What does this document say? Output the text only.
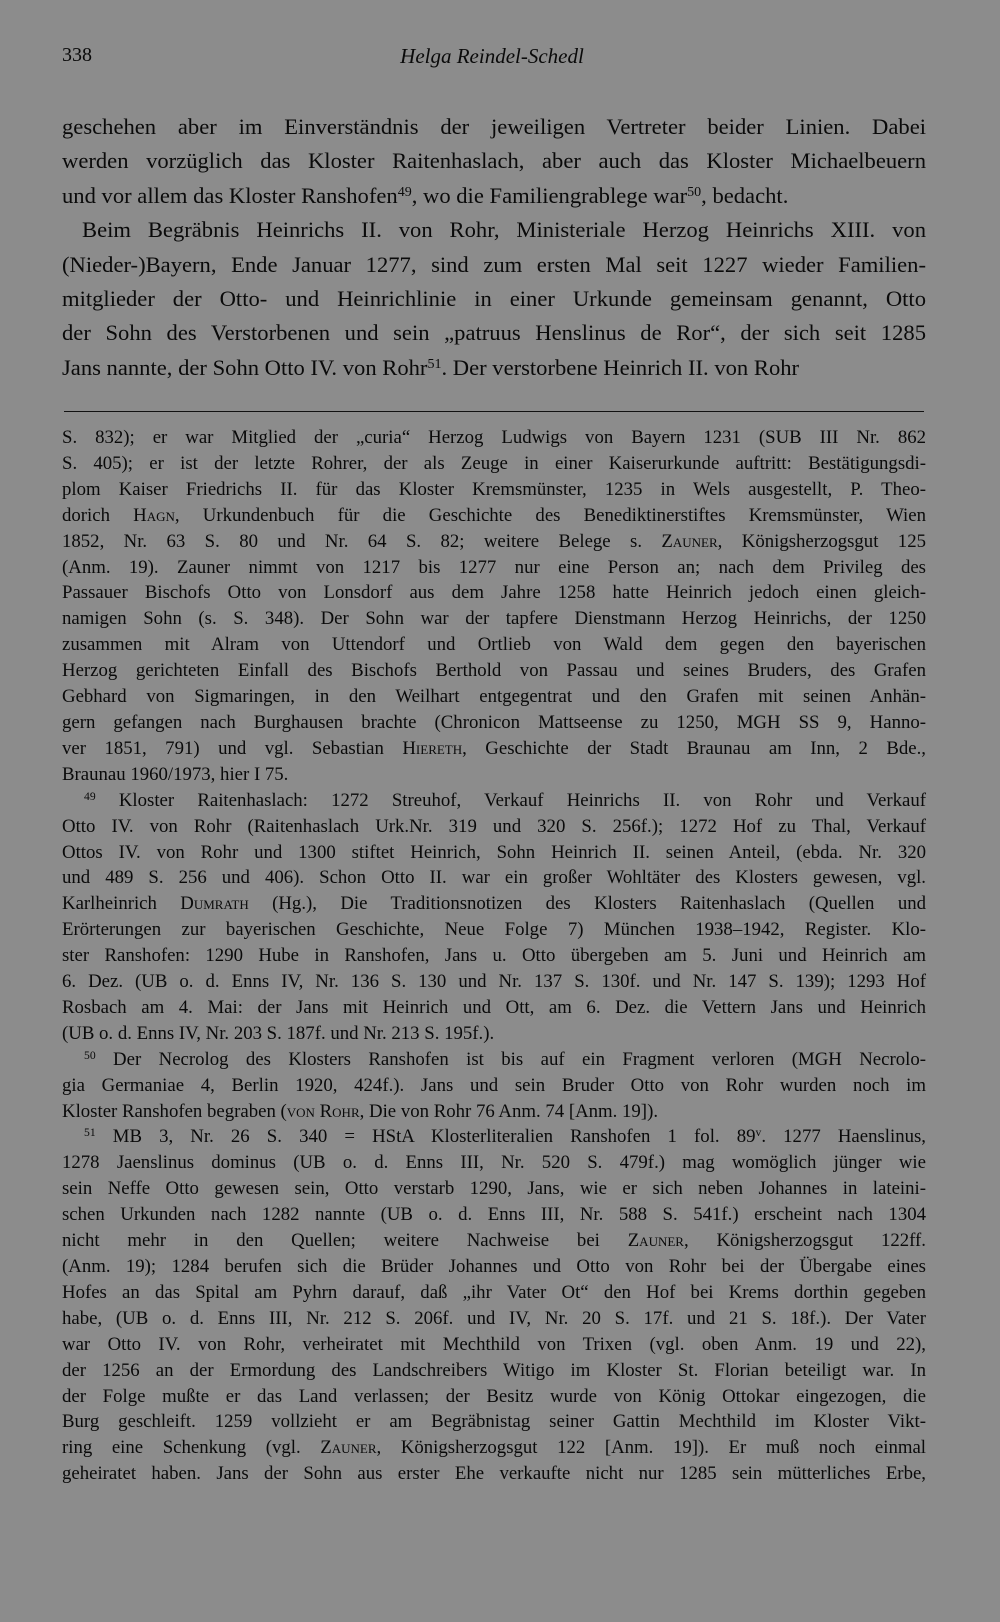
338	Helga Reindel-Schedl
geschehen aber im Einverständnis der jeweiligen Vertreter beider Linien. Dabei
werden vorzüglich das Kloster Raitenhaslach, aber auch das Kloster Michaelbeuern
und vor allem das Kloster Ranshofen$^{49}$, wo die Familiengrablege war$^{50}$, bedacht.
Beim Begräbnis Heinrichs II. von Rohr, Ministeriale Herzog Heinrichs XIII. von
(Nieder-)Bayern, Ende Januar 1277, sind zum ersten Mal seit 1227 wieder Familien-
mitglieder der Otto- und Heinrichlinie in einer Urkunde gemeinsam genannt, Otto
der Sohn des Verstorbenen und sein „patruus Henslinus de Ror“, der sich seit 1285
Jans nannte, der Sohn Otto IV. von Rohr$^{51}$. Der verstorbene Heinrich II. von Rohr
S. 832); er war Mitglied der „curia“ Herzog Ludwigs von Bayern 1231 (SUB III Nr. 862
S. 405); er ist der letzte Rohrer, der als Zeuge in einer Kaiserurkunde auftritt: Bestätigungsdi-
plom Kaiser Friedrichs II. für das Kloster Kremsmünster, 1235 in Wels ausgestellt, P. Theo-
dorich Hagn, Urkundenbuch für die Geschichte des Benediktinerstiftes Kremsmünster, Wien
1852, Nr. 63 S. 80 und Nr. 64 S. 82; weitere Belege s. Zauner, Königsherzogsgut 125
(Anm. 19). Zauner nimmt von 1217 bis 1277 nur eine Person an; nach dem Privileg des
Passauer Bischofs Otto von Lonsdorf aus dem Jahre 1258 hatte Heinrich jedoch einen gleich-
namigen Sohn (s. S. 348). Der Sohn war der tapfere Dienstmann Herzog Heinrichs, der 1250
zusammen mit Alram von Uttendorf und Ortlieb von Wald dem gegen den bayerischen
Herzog gerichteten Einfall des Bischofs Berthold von Passau und seines Bruders, des Grafen
Gebhard von Sigmaringen, in den Weilhart entgegentrat und den Grafen mit seinen Anhän-
gern gefangen nach Burghausen brachte (Chronicon Mattseense zu 1250, MGH SS 9, Hanno-
ver 1851, 791) und vgl. Sebastian Hiereth, Geschichte der Stadt Braunau am Inn, 2 Bde.,
Braunau 1960/1973, hier I 75.
$^{49}$ Kloster Raitenhaslach: 1272 Streuhof, Verkauf Heinrichs II. von Rohr und Verkauf
Otto IV. von Rohr (Raitenhaslach Urk.Nr. 319 und 320 S. 256f.); 1272 Hof zu Thal, Verkauf
Ottos IV. von Rohr und 1300 stiftet Heinrich, Sohn Heinrich II. seinen Anteil, (ebda. Nr. 320
und 489 S. 256 und 406). Schon Otto II. war ein großer Wohltäter des Klosters gewesen, vgl.
Karlheinrich Dumrath (Hg.), Die Traditionsnotizen des Klosters Raitenhaslach (Quellen und
Erörterungen zur bayerischen Geschichte, Neue Folge 7) München 1938–1942, Register. Klo-
ster Ranshofen: 1290 Hube in Ranshofen, Jans u. Otto übergeben am 5. Juni und Heinrich am
6. Dez. (UB o. d. Enns IV, Nr. 136 S. 130 und Nr. 137 S. 130f. und Nr. 147 S. 139); 1293 Hof
Rosbach am 4. Mai: der Jans mit Heinrich und Ott, am 6. Dez. die Vettern Jans und Heinrich
(UB o. d. Enns IV, Nr. 203 S. 187f. und Nr. 213 S. 195f.).
$^{50}$ Der Necrolog des Klosters Ranshofen ist bis auf ein Fragment verloren (MGH Necrolo-
gia Germaniae 4, Berlin 1920, 424f.). Jans und sein Bruder Otto von Rohr wurden noch im
Kloster Ranshofen begraben (von Rohr, Die von Rohr 76 Anm. 74 [Anm. 19]).
$^{51}$ MB 3, Nr. 26 S. 340 = HStA Klosterliteralien Ranshofen 1 fol. 89$^v$. 1277 Haenslinus,
1278 Jaenslinus dominus (UB o. d. Enns III, Nr. 520 S. 479f.) mag womöglich jünger wie
sein Neffe Otto gewesen sein, Otto verstarb 1290, Jans, wie er sich neben Johannes in lateini-
schen Urkunden nach 1282 nannte (UB o. d. Enns III, Nr. 588 S. 541f.) erscheint nach 1304
nicht mehr in den Quellen; weitere Nachweise bei Zauner, Königsherzogsgut 122ff.
(Anm. 19); 1284 berufen sich die Brüder Johannes und Otto von Rohr bei der Übergabe eines
Hofes an das Spital am Pyhrn darauf, daß „ihr Vater Ot“ den Hof bei Krems dorthin gegeben
habe, (UB o. d. Enns III, Nr. 212 S. 206f. und IV, Nr. 20 S. 17f. und 21 S. 18f.). Der Vater
war Otto IV. von Rohr, verheiratet mit Mechthild von Trixen (vgl. oben Anm. 19 und 22),
der 1256 an der Ermordung des Landschreibers Witigo im Kloster St. Florian beteiligt war. In
der Folge mußte er das Land verlassen; der Besitz wurde von König Ottokar eingezogen, die
Burg geschleift. 1259 vollzieht er am Begräbnistag seiner Gattin Mechthild im Kloster Vikt-
ring eine Schenkung (vgl. Zauner, Königsherzogsgut 122 [Anm. 19]). Er muß noch einmal
geheiratet haben. Jans der Sohn aus erster Ehe verkaufte nicht nur 1285 sein mütterliches Erbe,
